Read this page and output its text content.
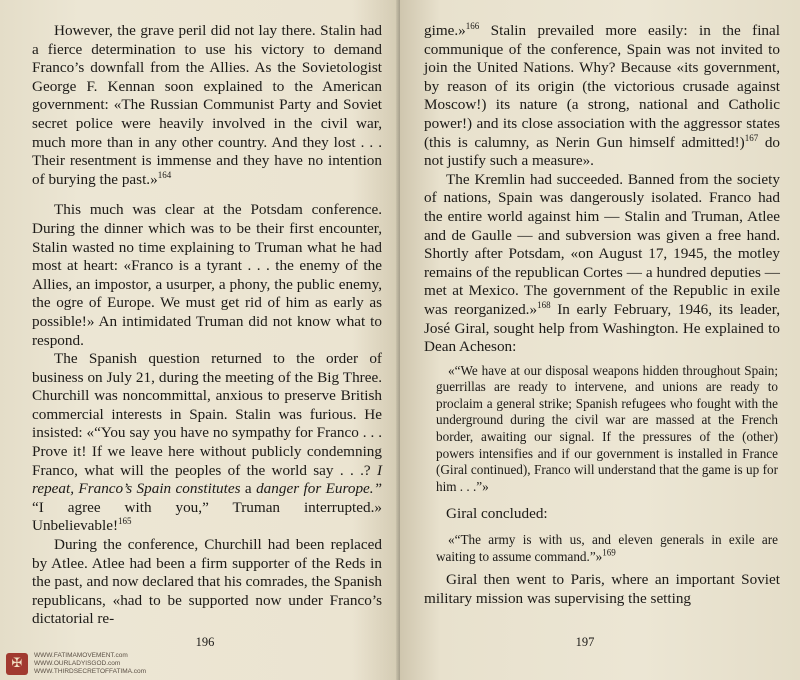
However, the grave peril did not lay there. Stalin had a fierce determination to use his victory to demand Franco’s downfall from the Allies. As the Sovietologist George F. Kennan soon explained to the American government: «The Russian Communist Party and Soviet secret police were heavily involved in the civil war, much more than in any other country. And they lost . . . Their resentment is immense and they have no intention of burying the past.»$^{164}$

This much was clear at the Potsdam conference. During the dinner which was to be their first encounter, Stalin wasted no time explaining to Truman what he had most at heart: «Franco is a tyrant . . . the enemy of the Allies, an impostor, a usurper, a phony, the public enemy, the ogre of Europe. We must get rid of him as early as possible!» An intimidated Truman did not know what to respond.

The Spanish question returned to the order of business on July 21, during the meeting of the Big Three. Churchill was noncommittal, anxious to preserve British commercial interests in Spain. Stalin was furious. He insisted: «“You say you have no sympathy for Franco . . . Prove it! If we leave here without publicly condemning Franco, what will the peoples of the world say . . .? I repeat, Franco’s Spain constitutes a danger for Europe.” “I agree with you,” Truman interrupted.» Unbelievable!$^{165}$

During the conference, Churchill had been replaced by Atlee. Atlee had been a firm supporter of the Reds in the past, and now declared that his comrades, the Spanish republicans, «had to be supported now under Franco’s dictatorial re-

196

gime.»$^{166}$ Stalin prevailed more easily: in the final communique of the conference, Spain was not invited to join the United Nations. Why? Because «its government, by reason of its origin (the victorious crusade against Moscow!) its nature (a strong, national and Catholic power!) and its close association with the aggressor states (this is calumny, as Nerin Gun himself admitted!)$^{167}$ do not justify such a measure».

The Kremlin had succeeded. Banned from the society of nations, Spain was dangerously isolated. Franco had the entire world against him — Stalin and Truman, Atlee and de Gaulle — and subversion was given a free hand. Shortly after Potsdam, «on August 17, 1945, the motley remains of the republican Cortes — a hundred deputies — met at Mexico. The government of the Republic in exile was reorganized.»$^{168}$ In early February, 1946, its leader, José Giral, sought help from Washington. He explained to Dean Acheson:

«“We have at our disposal weapons hidden throughout Spain; guerrillas are ready to intervene, and unions are ready to proclaim a general strike; Spanish refugees who fought with the underground during the civil war are massed at the French border, awaiting our signal. If the pressures of the (other) powers intensifies and if our government is installed in France (Giral continued), Franco will understand that the game is up for him . . .”»

Giral concluded:

«“The army is with us, and eleven generals in exile are waiting to assume command.”»$^{169}$

Giral then went to Paris, where an important Soviet military mission was supervising the setting

197
✠
WWW.FATIMAMOVEMENT.com
WWW.OURLADYISGOD.com
WWW.THIRDSECRETOFFATIMA.com
